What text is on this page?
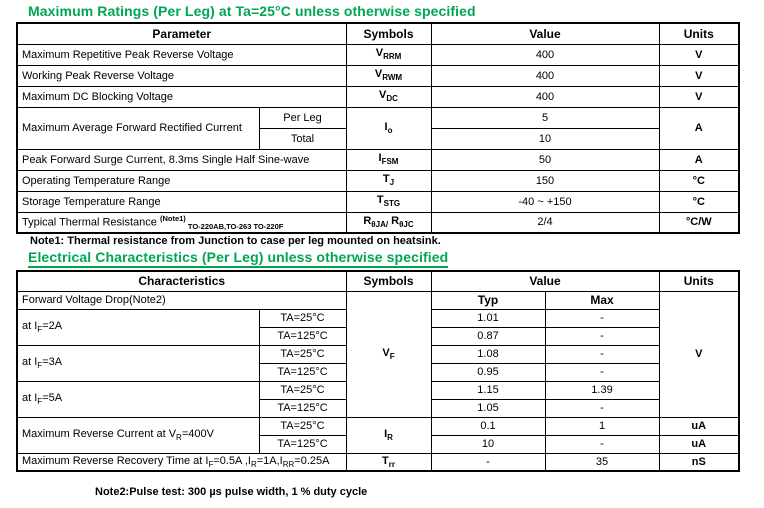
Maximum Ratings (Per Leg) at Ta=25°C unless otherwise specified
Parameter		Symbols	Value	Units
Maximum Repetitive Peak Reverse Voltage		$V_{RRM}$	400	V
Working Peak Reverse Voltage		$V_{RWM}$	400	V
Maximum DC Blocking Voltage		$V_{DC}$	400	V
Maximum Average Forward Rectified Current	Per Leg	$I_o$	5	A
	Total		10	
Peak Forward Surge Current, 8.3ms Single Half Sine-wave		$I_{FSM}$	50	A
Operating Temperature Range		$T_J$	150	°C
Storage Temperature Range		$T_{STG}$	-40 ~ +150	°C
Typical Thermal Resistance $^{(Note1)}$ $_{TO-220AB,TO-263 TO-220F}$		$R_{\theta JA/}$ $R_{\theta JC}$	2/4	°C/W
Note1: Thermal resistance from Junction to case per leg mounted on heatsink.
Electrical Characteristics (Per Leg) unless otherwise specified
Characteristics		Symbols	Value		Units
Forward Voltage Drop(Note2)		$V_F$	Typ	Max	V
at $I_F=2A$	TA=25°C		1.01	-	
	TA=125°C		0.87	-	
at $I_F=3A$	TA=25°C		1.08	-	
	TA=125°C		0.95	-	
at $I_F=5A$	TA=25°C		1.15	1.39	
	TA=125°C		1.05	-	
Maximum Reverse Current at $V_R=400V$	TA=25°C	$I_R$	0.1	1	uA
	TA=125°C		10	-	uA
Maximum Reverse Recovery Time at $I_F=0.5A$ $,I_R=1A,I_{RR}=0.25A$		$T_{rr}$	-	35	nS
Note2:Pulse test: 300 µs pulse width, 1 % duty cycle
